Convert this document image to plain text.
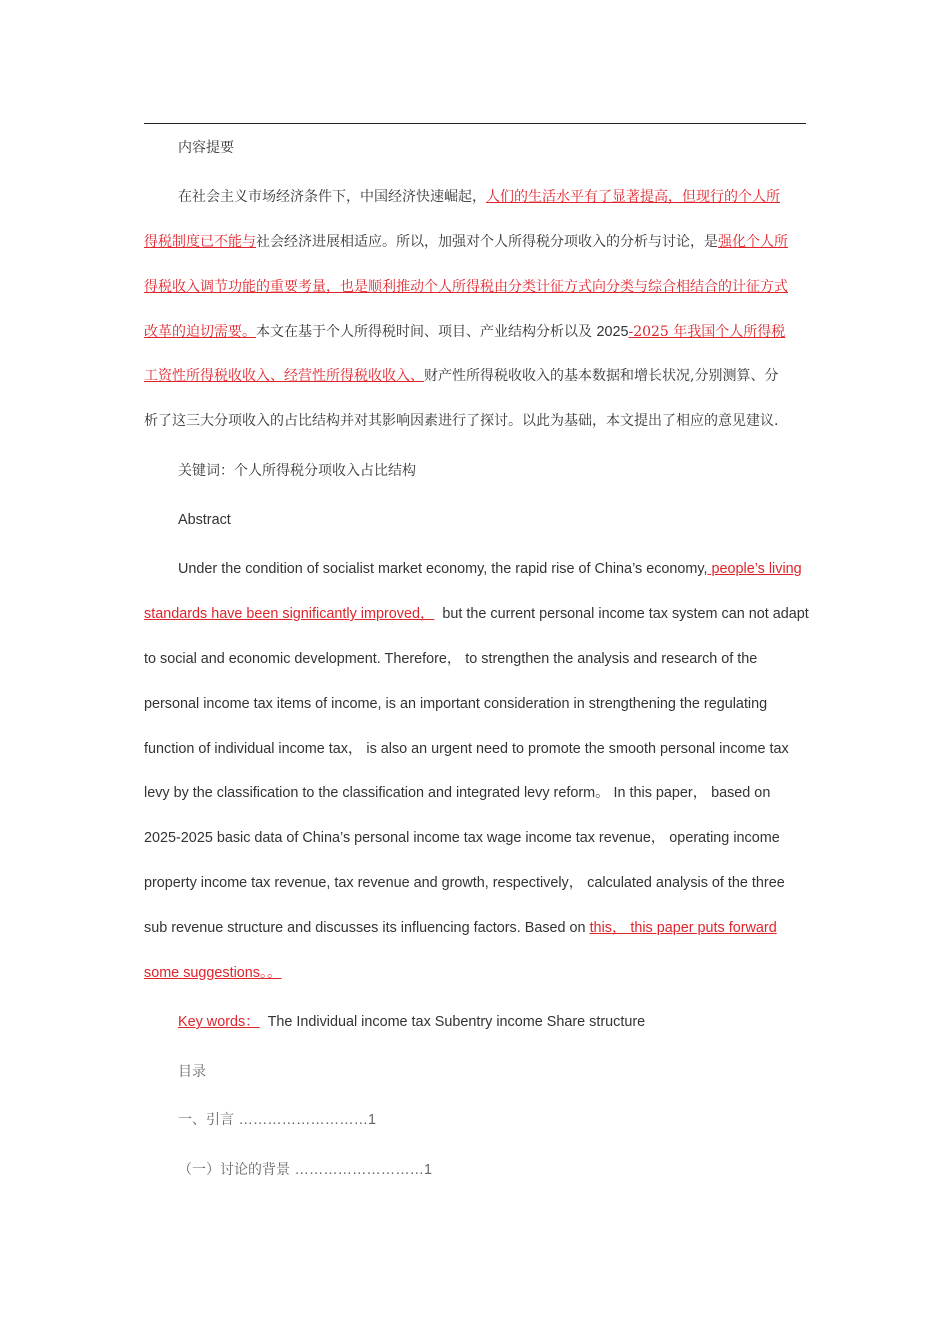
内容提要
在社会主义市场经济条件下，中国经济快速崛起，人们的生活水平有了显著提高，但现行的个人所
得税制度已不能与社会经济进展相适应。所以，加强对个人所得税分项收入的分析与讨论，是强化个人所
得税收入调节功能的重要考量，也是顺利推动个人所得税由分类计征方式向分类与综合相结合的计征方式
改革的迫切需要。本文在基于个人所得税时间、项目、产业结构分析以及 2025-2025 年我国个人所得税
工资性所得税收收入、经营性所得税收收入、财产性所得税收收入的基本数据和增长状况,分别测算、分
析了这三大分项收入的占比结构并对其影响因素进行了探讨。以此为基础，本文提出了相应的意见建议.
关键词：个人所得税分项收入占比结构
Abstract
Under the condition of socialist market economy, the rapid rise of China’s economy, people’s living
standards have been significantly improved， but the current personal income tax system can not adapt
to social and economic development. Therefore， to strengthen the analysis and research of the
personal income tax items of income, is an important consideration in strengthening the regulating
function of individual income tax， is also an urgent need to promote the smooth personal income tax
levy by the classification to the classification and integrated levy reform。 In this paper， based on
2025-2025 basic data of China’s personal income tax wage income tax revenue， operating income
property income tax revenue, tax revenue and growth, respectively， calculated analysis of the three
sub revenue structure and discusses its influencing factors. Based on this， this paper puts forward
some suggestions。。
Key words： The Individual income tax Subentry income Share structure
目录
一、引言 ………………………1
（一）讨论的背景 ………………………1
